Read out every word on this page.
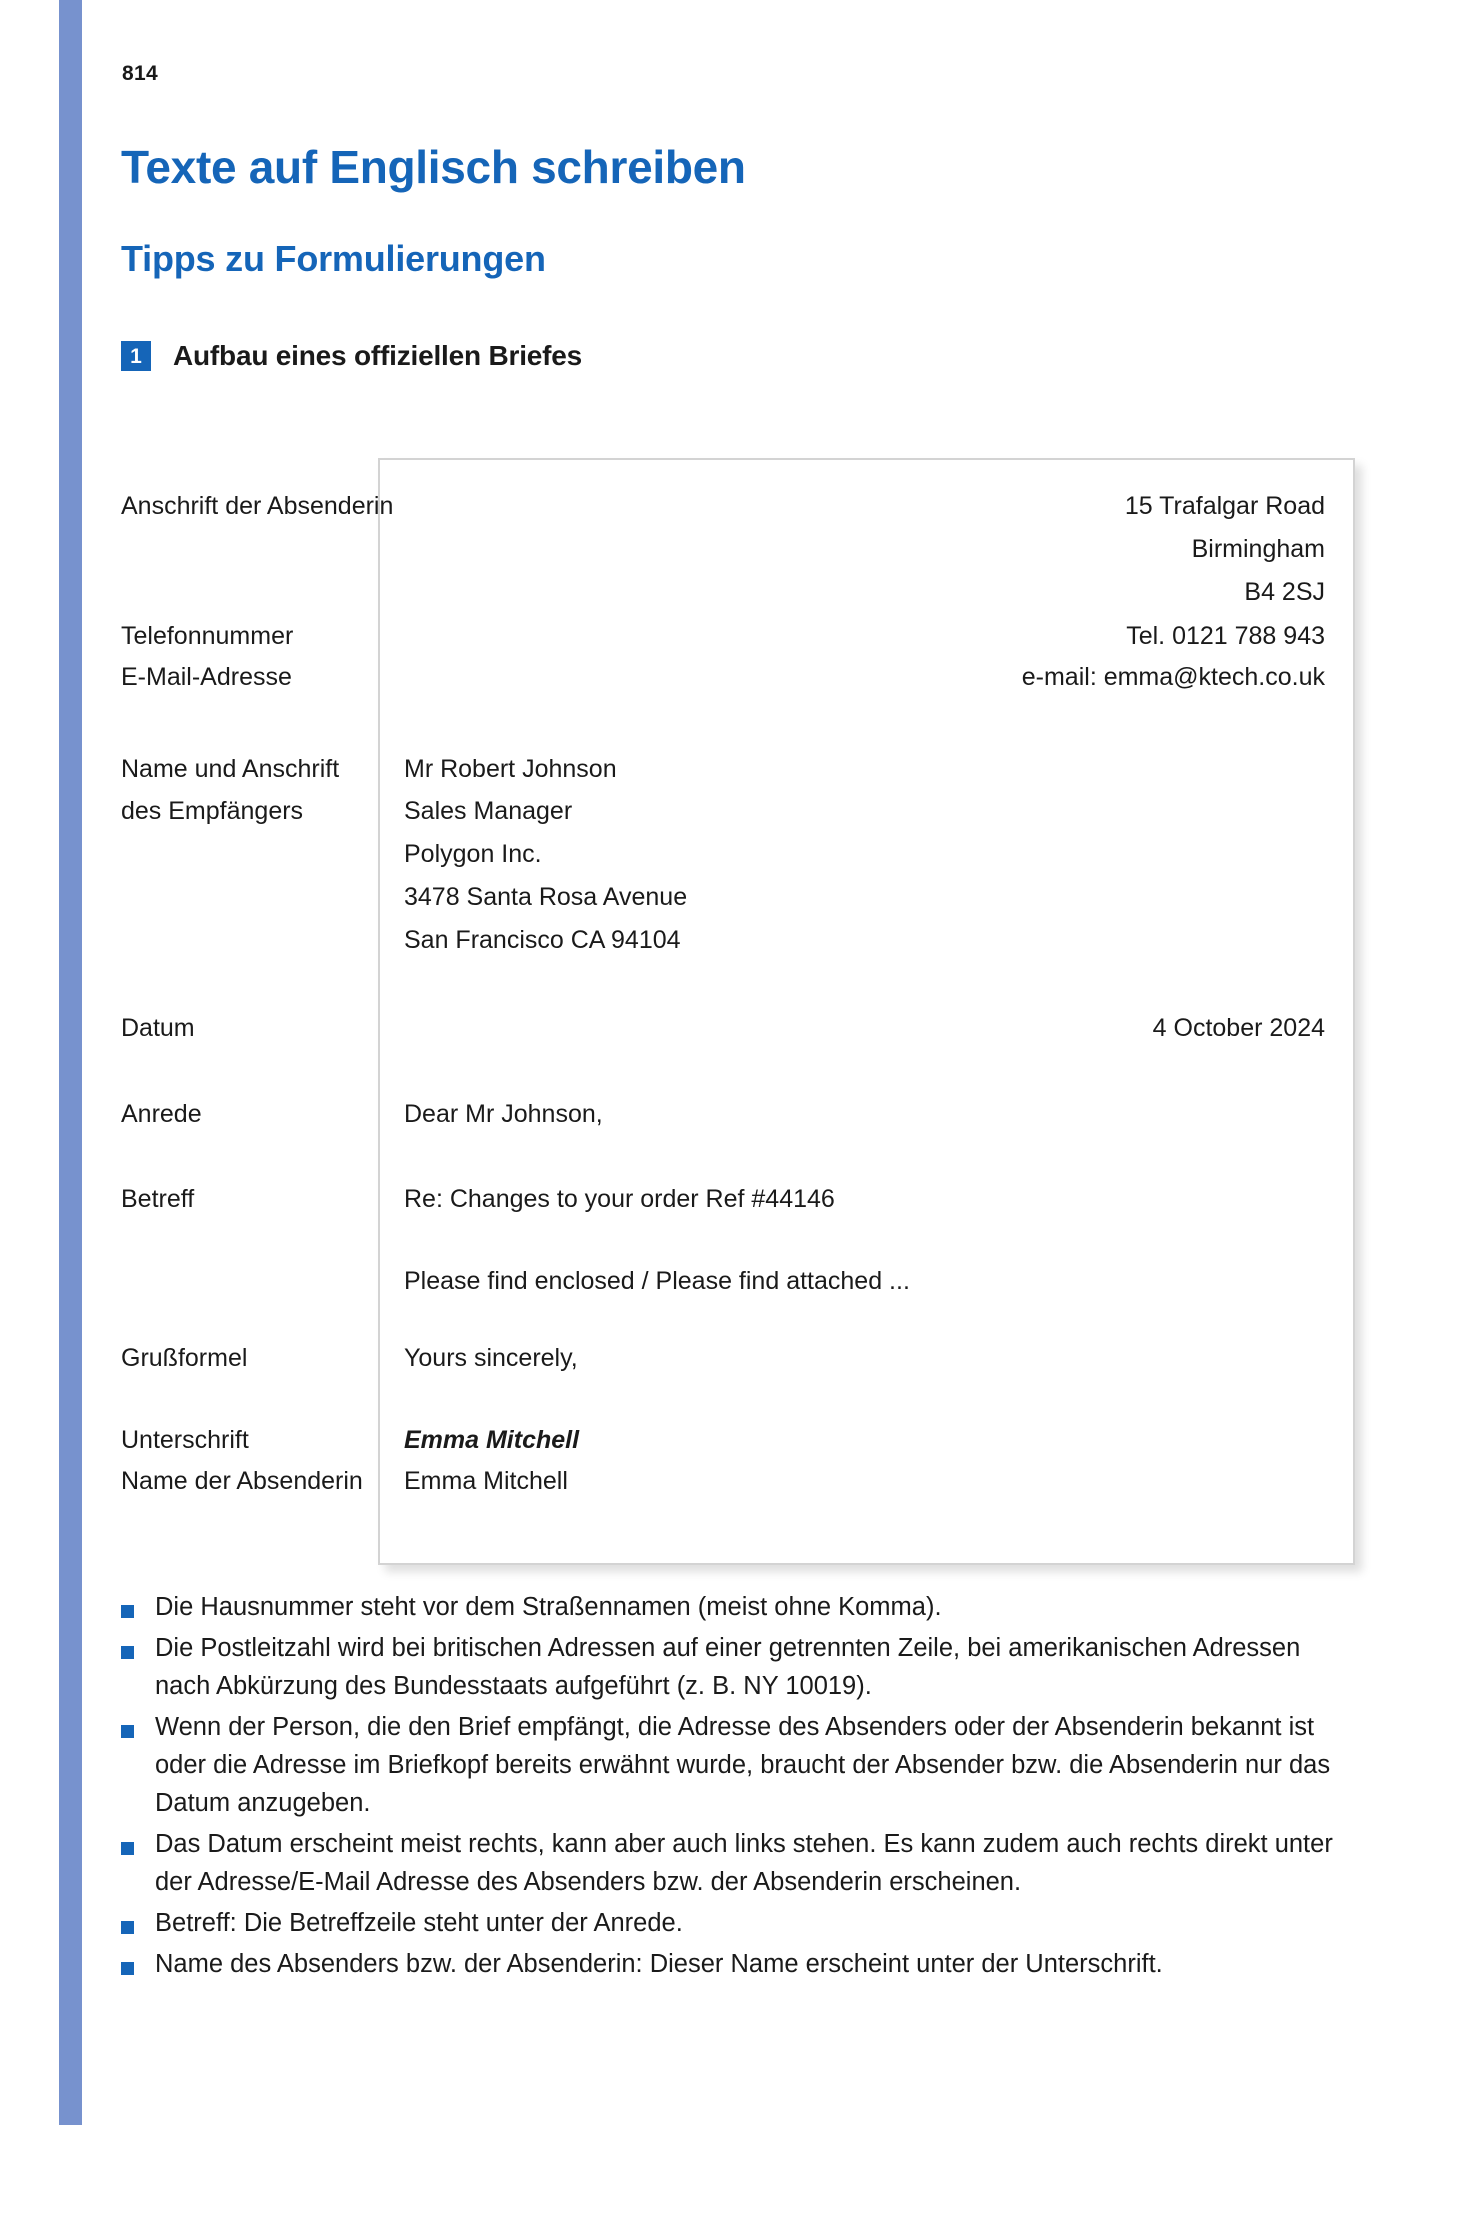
814
Texte auf Englisch schreiben
Tipps zu Formulierungen
1	Aufbau eines offiziellen Briefes
Anschrift der Absenderin
Telefonnummer
E-Mail-Adresse
Name und Anschrift
des Empfängers
Datum
Anrede
Betreff
Grußformel
Unterschrift
Name der Absenderin
15 Trafalgar Road
Birmingham
B4 2SJ
Tel. 0121 788 943
e-mail: emma@ktech.co.uk
Mr Robert Johnson
Sales Manager
Polygon Inc.
3478 Santa Rosa Avenue
San Francisco CA 94104
4 October 2024
Dear Mr Johnson,
Re: Changes to your order Ref #44146
Please find enclosed / Please find attached ...
Yours sincerely,
Emma Mitchell
Emma Mitchell
Die Hausnummer steht vor dem Straßennamen (meist ohne Komma).
Die Postleitzahl wird bei britischen Adressen auf einer getrennten Zeile, bei amerikanischen Adressen nach Abkürzung des Bundesstaats aufgeführt (z. B. NY 10019).
Wenn der Person, die den Brief empfängt, die Adresse des Absenders oder der Absenderin bekannt ist oder die Adresse im Briefkopf bereits erwähnt wurde, braucht der Absender bzw. die Absenderin nur das Datum anzugeben.
Das Datum erscheint meist rechts, kann aber auch links stehen. Es kann zudem auch rechts direkt unter der Adresse/E-Mail Adresse des Absenders bzw. der Absenderin erscheinen.
Betreff: Die Betreffzeile steht unter der Anrede.
Name des Absenders bzw. der Absenderin: Dieser Name erscheint unter der Unterschrift.
